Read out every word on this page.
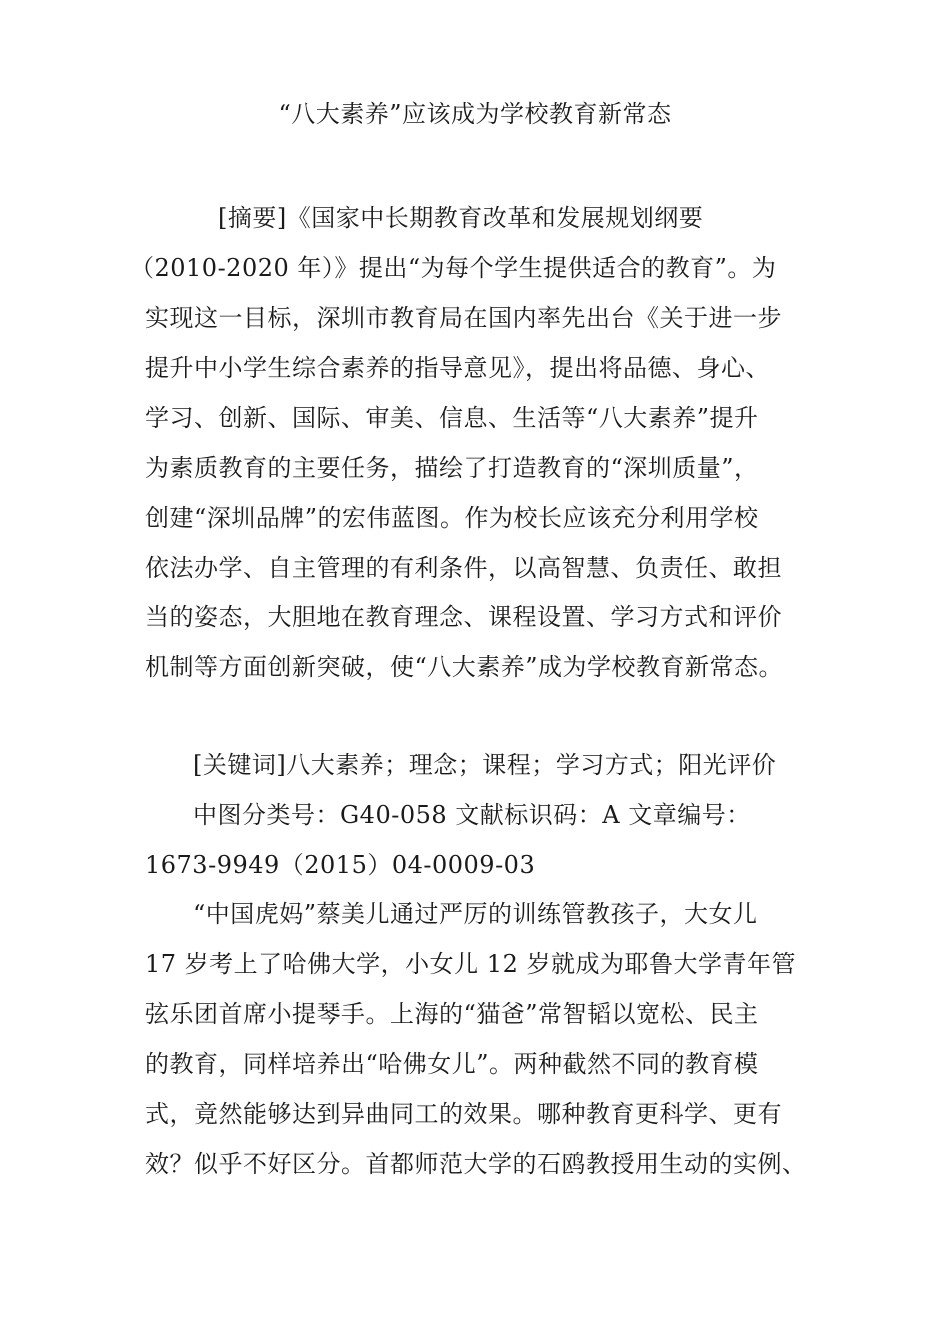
“八大素养”应该成为学校教育新常态
[摘要]《国家中长期教育改革和发展规划纲要
（2010-2020 年）》提出“为每个学生提供适合的教育”。为
实现这一目标，深圳市教育局在国内率先出台《关于进一步
提升中小学生综合素养的指导意见》，提出将品德、身心、
学习、创新、国际、审美、信息、生活等“八大素养”提升
为素质教育的主要任务，描绘了打造教育的“深圳质量”，
创建“深圳品牌”的宏伟蓝图。作为校长应该充分利用学校
依法办学、自主管理的有利条件，以高智慧、负责任、敢担
当的姿态，大胆地在教育理念、课程设置、学习方式和评价
机制等方面创新突破，使“八大素养”成为学校教育新常态。
[关键词]八大素养；理念；课程；学习方式；阳光评价
中图分类号：G40-058 文献标识码：A 文章编号：
1673-9949（2015）04-0009-03
“中国虎妈”蔡美儿通过严厉的训练管教孩子，大女儿
17 岁考上了哈佛大学，小女儿 12 岁就成为耶鲁大学青年管
弦乐团首席小提琴手。上海的“猫爸”常智韬以宽松、民主
的教育，同样培养出“哈佛女儿”。两种截然不同的教育模
式，竟然能够达到异曲同工的效果。哪种教育更科学、更有
效？似乎不好区分。首都师范大学的石鸥教授用生动的实例、
